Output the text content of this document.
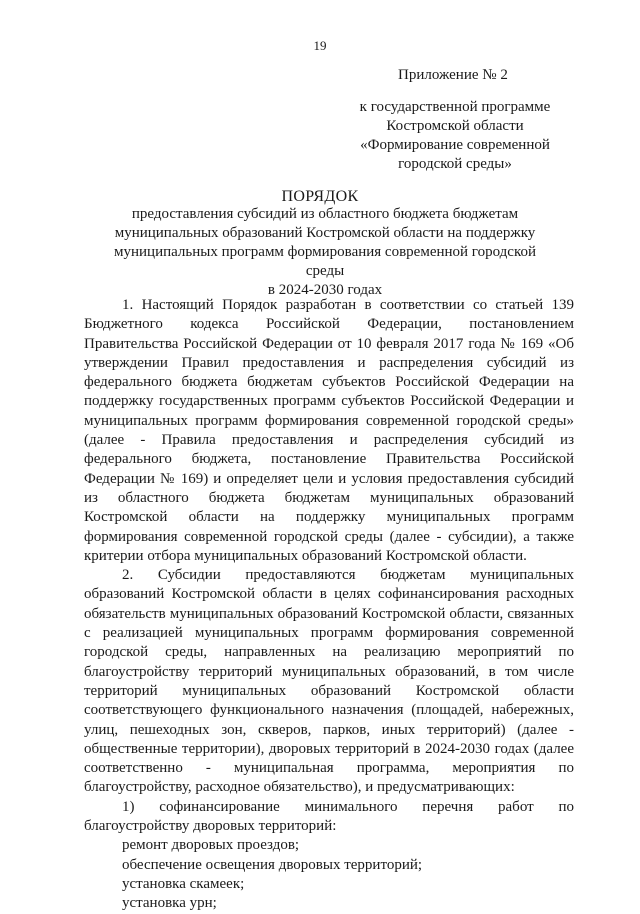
19
Приложение № 2
к государственной программе
Костромской области
«Формирование современной
городской среды»
ПОРЯДОК
предоставления субсидий из областного бюджета бюджетам
муниципальных образований Костромской области на поддержку
муниципальных программ формирования современной городской среды
в 2024-2030 годах

1. Настоящий Порядок разработан в соответствии со статьей 139 Бюджетного кодекса Российской Федерации, постановлением Правительства Российской Федерации от 10 февраля 2017 года № 169 «Об утверждении Правил предоставления и распределения субсидий из федерального бюджета бюджетам субъектов Российской Федерации на поддержку государственных программ субъектов Российской Федерации и муниципальных программ формирования современной городской среды» (далее - Правила предоставления и распределения субсидий из федерального бюджета, постановление Правительства Российской Федерации № 169) и определяет цели и условия предоставления субсидий из областного бюджета бюджетам муниципальных образований Костромской области на поддержку муниципальных программ формирования современной городской среды (далее - субсидии), а также критерии отбора муниципальных образований Костромской области.

2. Субсидии предоставляются бюджетам муниципальных образований Костромской области в целях софинансирования расходных обязательств муниципальных образований Костромской области, связанных с реализацией муниципальных программ формирования современной городской среды, направленных на реализацию мероприятий по благоустройству территорий муниципальных образований, в том числе территорий муниципальных образований Костромской области соответствующего функционального назначения (площадей, набережных, улиц, пешеходных зон, скверов, парков, иных территорий) (далее - общественные территории), дворовых территорий в 2024-2030 годах (далее соответственно - муниципальная программа, мероприятия по благоустройству, расходное обязательство), и предусматривающих:

1) софинансирование минимального перечня работ по благоустройству дворовых территорий:

ремонт дворовых проездов;

обеспечение освещения дворовых территорий;

установка скамеек;

установка урн;
